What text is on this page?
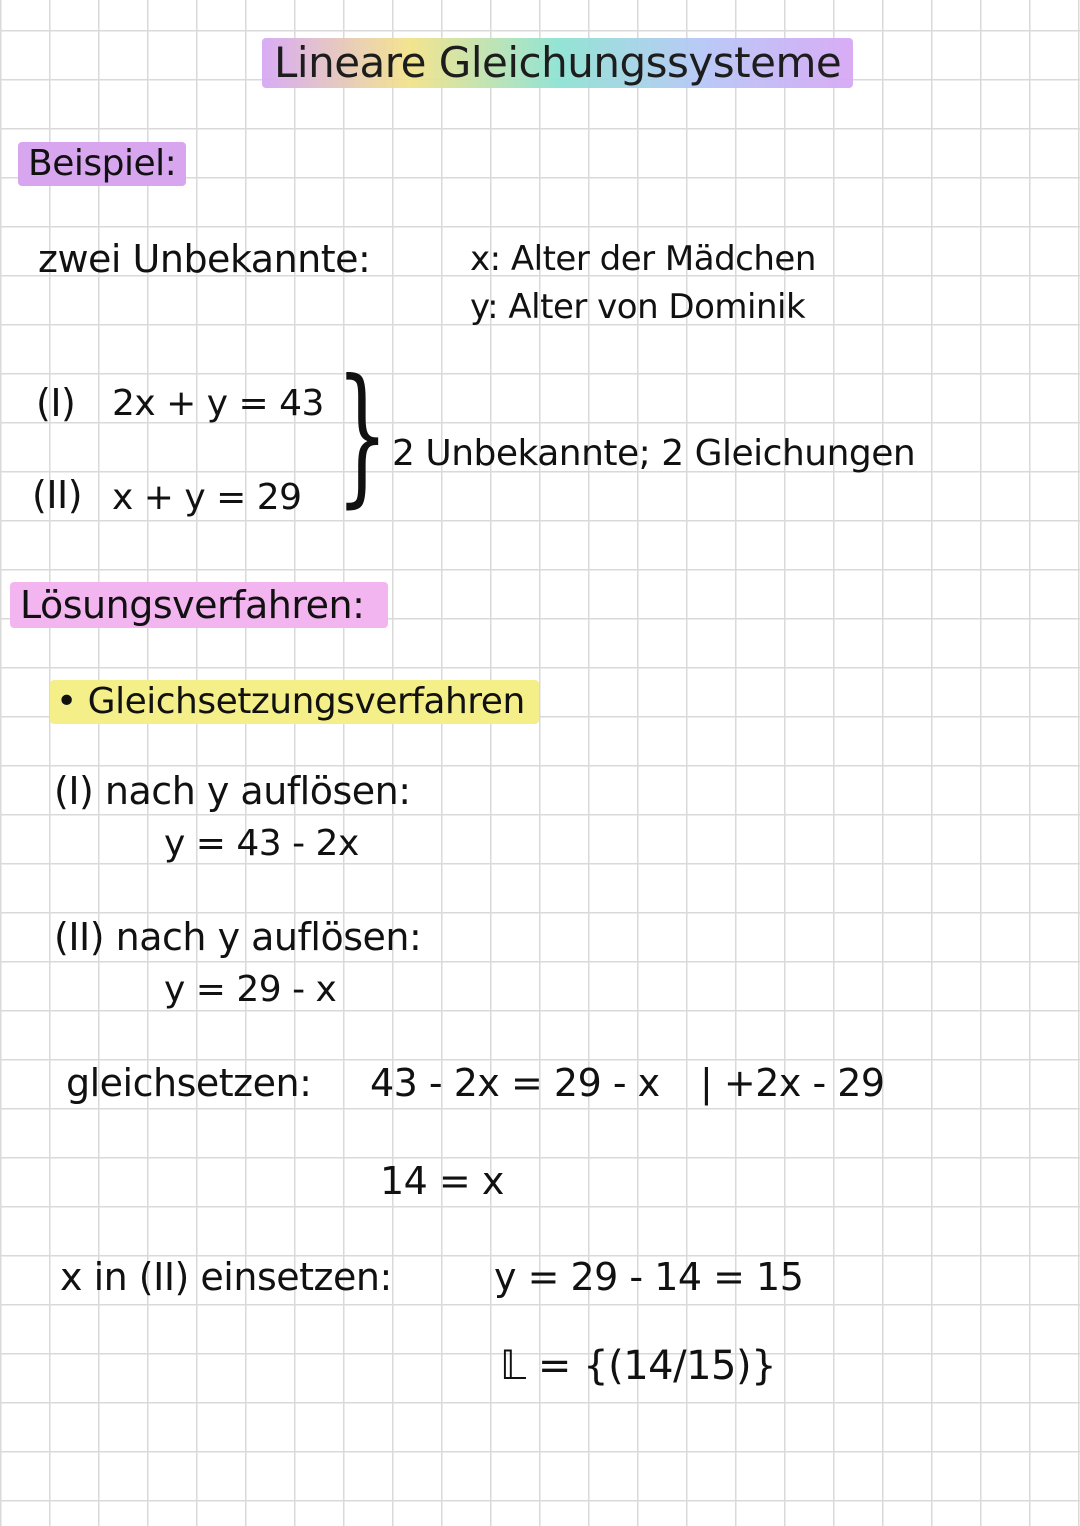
Lineare Gleichungssysteme
Beispiel:
zwei Unbekannte:	x: Alter der Mädchen
y: Alter von Dominik
(I) 2x + y = 43
(II) x + y = 29 } 2 Unbekannte; 2 Gleichungen
Lösungsverfahren:
• Gleichsetzungsverfahren
(I) nach y auflösen:
y = 43 - 2x
(II) nach y auflösen:
y = 29 - x
gleichsetzen: 43 - 2x = 29 - x | +2x - 29
14 = x
x in (II) einsetzen:	y = 29 - 14 = 15
𝕃 = {(14/15)}
